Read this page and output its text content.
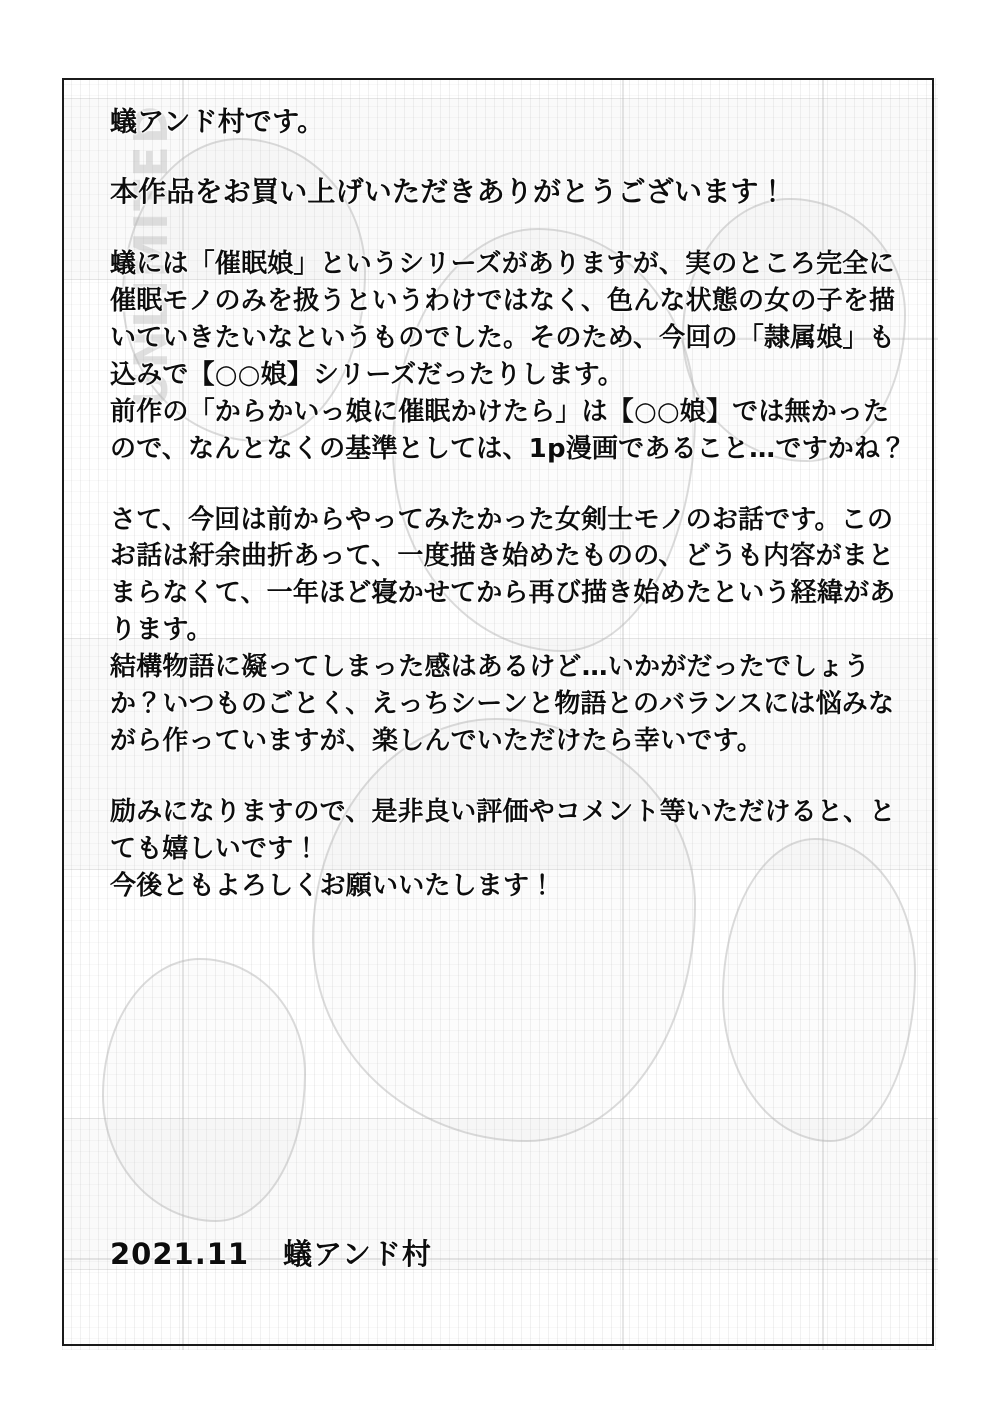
UNLIMITED

蟻アンド村です。

本作品をお買い上げいただきありがとうございます！

蟻には「催眠娘」というシリーズがありますが、実のところ完全に催眠モノのみを扱うというわけではなく、色んな状態の女の子を描いていきたいなというものでした。そのため、今回の「隷属娘」も込みで【○○娘】シリーズだったりします。

前作の「からかいっ娘に催眠かけたら」は【○○娘】では無かったので、なんとなくの基準としては、1p漫画であること…ですかね？

さて、今回は前からやってみたかった女剣士モノのお話です。このお話は紆余曲折あって、一度描き始めたものの、どうも内容がまとまらなくて、一年ほど寝かせてから再び描き始めたという経緯があります。

結構物語に凝ってしまった感はあるけど…いかがだったでしょうか？いつものごとく、えっちシーンと物語とのバランスには悩みながら作っていますが、楽しんでいただけたら幸いです。

励みになりますので、是非良い評価やコメント等いただけると、とても嬉しいです！

今後ともよろしくお願いいたします！

2021.11 蟻アンド村
